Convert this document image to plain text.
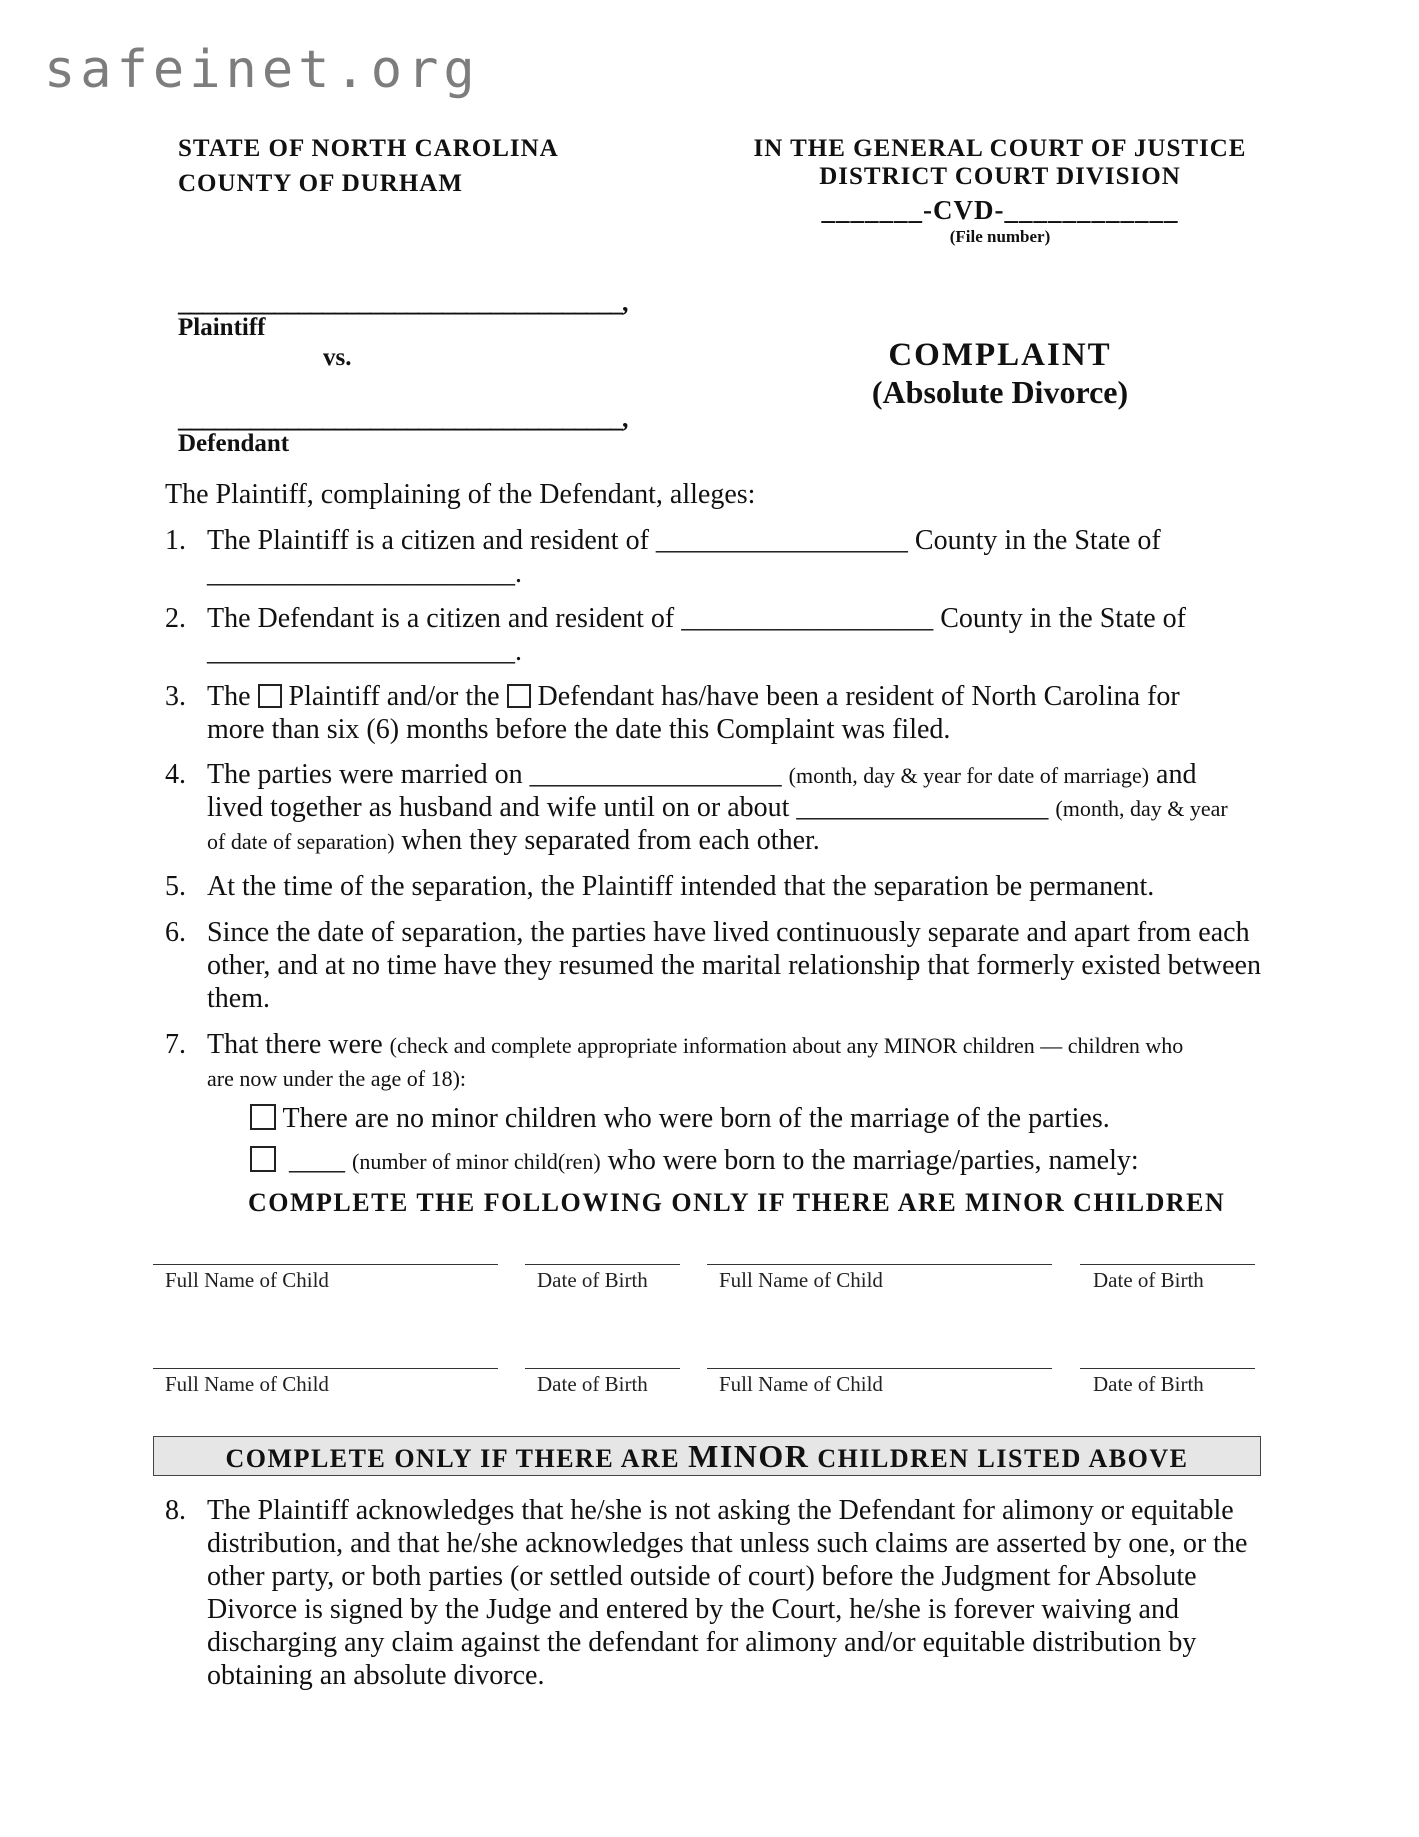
safeinet.org
STATE OF NORTH CAROLINA
COUNTY OF DURHAM
IN THE GENERAL COURT OF JUSTICE
DISTRICT COURT DIVISION
_______-CVD-____________
(File number)
_____________________________________,
Plaintiff
vs.
_____________________________________,
Defendant
COMPLAINT
(Absolute Divorce)
The Plaintiff, complaining of the Defendant, alleges:
1. The Plaintiff is a citizen and resident of __________________ County in the State of
______________________.
2. The Defendant is a citizen and resident of __________________ County in the State of
______________________.
3. The Plaintiff and/or the Defendant has/have been a resident of North Carolina for
more than six (6) months before the date this Complaint was filed.
4. The parties were married on __________________ (month, day & year for date of marriage) and
lived together as husband and wife until on or about __________________ (month, day & year
of date of separation) when they separated from each other.
5. At the time of the separation, the Plaintiff intended that the separation be permanent.
6. Since the date of separation, the parties have lived continuously separate and apart from each other, and at no time have they resumed the marital relationship that formerly existed between them.
7. That there were (check and complete appropriate information about any MINOR children — children who
are now under the age of 18):
There are no minor children who were born of the marriage of the parties.
____ (number of minor child(ren) who were born to the marriage/parties, namely:
COMPLETE THE FOLLOWING ONLY IF THERE ARE MINOR CHILDREN
Full Name of Child	Date of Birth	Full Name of Child	Date of Birth
Full Name of Child	Date of Birth	Full Name of Child	Date of Birth
COMPLETE ONLY IF THERE ARE MINOR CHILDREN LISTED ABOVE
8. The Plaintiff acknowledges that he/she is not asking the Defendant for alimony or equitable distribution, and that he/she acknowledges that unless such claims are asserted by one, or the other party, or both parties (or settled outside of court) before the Judgment for Absolute Divorce is signed by the Judge and entered by the Court, he/she is forever waiving and discharging any claim against the defendant for alimony and/or equitable distribution by obtaining an absolute divorce.
